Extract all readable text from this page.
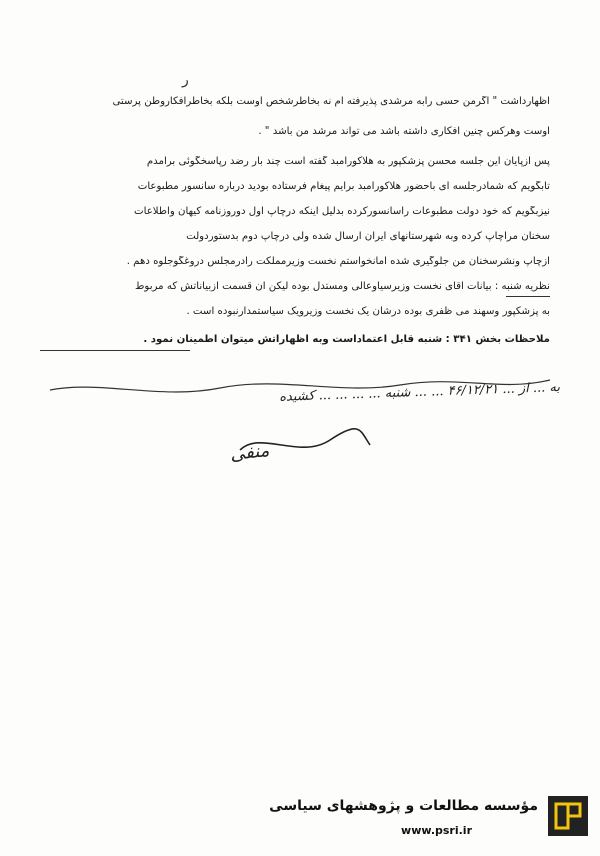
ر
اظهارداشت " اگرمن حسی رابه مرشدی پذیرفته ام نه بخاطرشخص اوست بلکه بخاطرافکاروطن پرستی
اوست وهرکس چنین افکاری داشته باشد می تواند مرشد من باشد " .
پس ازپایان این جلسه محسن پزشکپور به هلاکورامبد گفته است چند بار رضد رپاسخگوئی برآمدم
تابگویم که شمادرجلسه ای باحضور هلاکورامبد برایم پیغام فرستاده بودید درباره سانسور مطبوعات
نیزبگویم که خود دولت مطبوعات راسانسورکرده بدلیل اینکه درچاپ اول دوروزنامه کیهان واطلاعات
سخنان مراچاپ کرده وبه شهرستانهای ایران ارسال شده ولی درچاپ دوم بدستوردولت
ازچاپ ونشرسخنان من جلوگیری شده امانخواستم نخست وزیرمملکت رادرمجلس دروغگوجلوه دهم .
نظریه شنبه : بیانات آقای نخست وزیرسیاوعالی ومستدل بوده لیکن آن قسمت ازبیاناتش که مربوط
به پزشکپور وسهند می ظفری بوده درشان یک نخست وزیرویک سیاستمدارنبوده است .
ملاحظات بخش ۳۴۱ : شنبه قابل اعتماداست وبه اظهاراتش میتوان اطمینان نمود .
به ... از ... ۴۶/۱۲/۲۱ ... ... شنبه ... ... ... ... کشیده
منفی
مؤسسه مطالعات و پژوهشهای سیاسی
www.psri.ir
